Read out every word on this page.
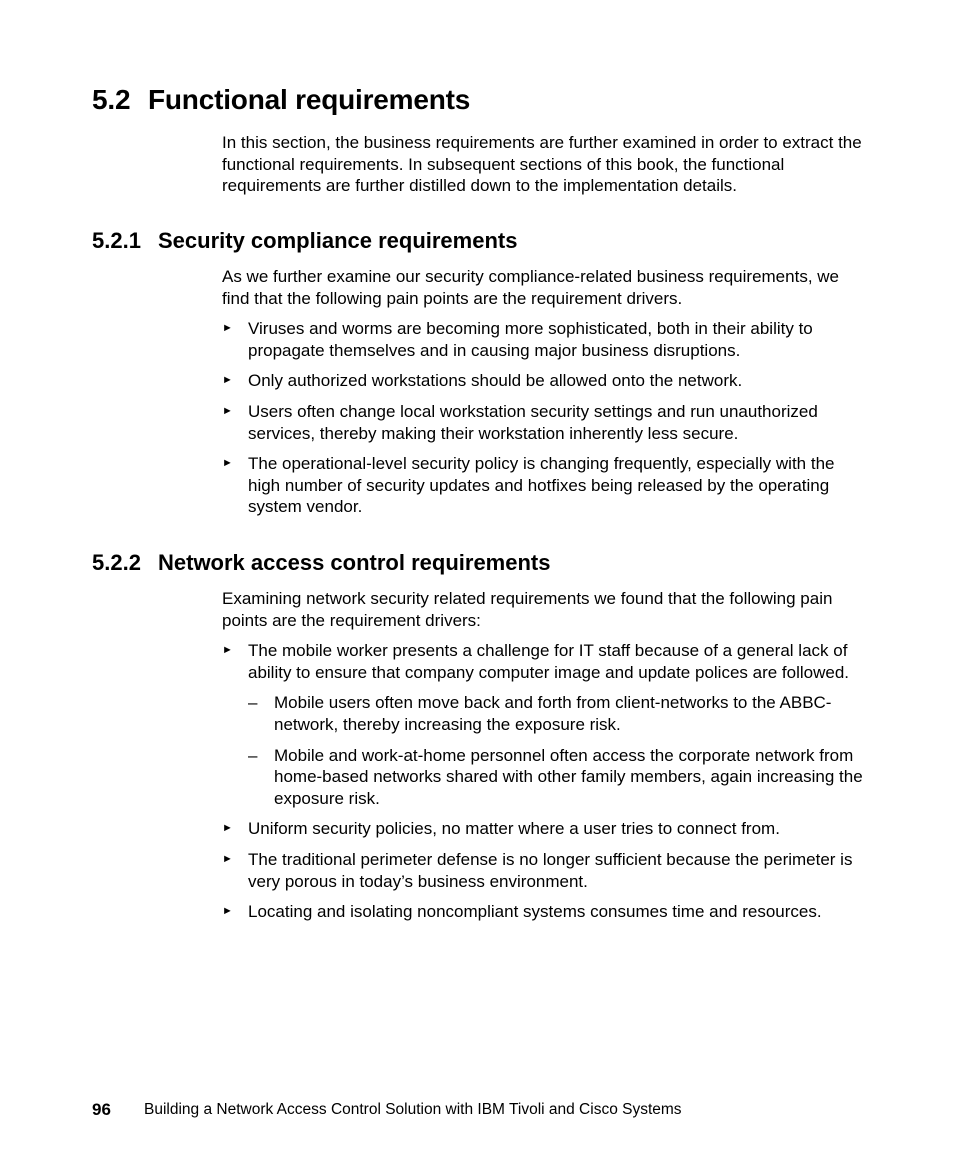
5.2 Functional requirements

In this section, the business requirements are further examined in order to extract the functional requirements. In subsequent sections of this book, the functional requirements are further distilled down to the implementation details.

5.2.1 Security compliance requirements

As we further examine our security compliance-related business requirements, we find that the following pain points are the requirement drivers.

► Viruses and worms are becoming more sophisticated, both in their ability to propagate themselves and in causing major business disruptions.
► Only authorized workstations should be allowed onto the network.
► Users often change local workstation security settings and run unauthorized services, thereby making their workstation inherently less secure.
► The operational-level security policy is changing frequently, especially with the high number of security updates and hotfixes being released by the operating system vendor.
5.2.2 Network access control requirements

Examining network security related requirements we found that the following pain points are the requirement drivers:

► The mobile worker presents a challenge for IT staff because of a general lack of ability to ensure that company computer image and update polices are followed.
– Mobile users often move back and forth from client-networks to the ABBC-network, thereby increasing the exposure risk.
– Mobile and work-at-home personnel often access the corporate network from home-based networks shared with other family members, again increasing the exposure risk.
► Uniform security policies, no matter where a user tries to connect from.
► The traditional perimeter defense is no longer sufficient because the perimeter is very porous in today’s business environment.
► Locating and isolating noncompliant systems consumes time and resources.
96 Building a Network Access Control Solution with IBM Tivoli and Cisco Systems
